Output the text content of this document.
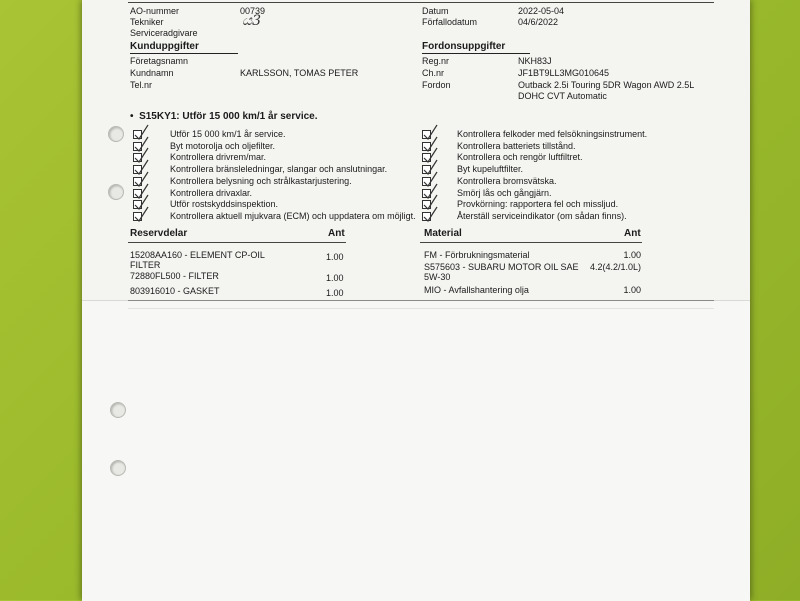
AO-nummer	00739
Tekniker	ය3
Serviceradgivare
Datum	2022-05-04
Förfallodatum	04/6/2022
Kunduppgifter
Företagsnamn
Kundnamn	KARLSSON, TOMAS PETER
Tel.nr
Fordonsuppgifter
Reg.nr	NKH83J
Ch.nr	JF1BT9LL3MG010645
Fordon	Outback 2.5i Touring 5DR Wagon AWD 2.5L
DOHC CVT Automatic
•  S15KY1: Utför 15 000 km/1 år service.
Utför 15 000 km/1 år service.
Byt motorolja och oljefilter.
Kontrollera drivrem/mar.
Kontrollera bränsleledningar, slangar och anslutningar.
Kontrollera belysning och strålkastarjustering.
Kontrollera drivaxlar.
Utför rostskyddsinspektion.
Kontrollera aktuell mjukvara (ECM) och uppdatera om möjligt.
Kontrollera felkoder med felsökningsinstrument.
Kontrollera batteriets tillstånd.
Kontrollera och rengör luftfiltret.
Byt kupeluftfilter.
Kontrollera bromsvätska.
Smörj lås och gångjärn.
Provkörning: rapportera fel och missljud.
Återställ serviceindikator (om sådan finns).
Reservdelar	Ant	Material	Ant
15208AA160 - ELEMENT CP-OIL
FILTER
1.00
72880FL500 - FILTER	1.00
803916010 - GASKET	1.00
FM - Förbrukningsmaterial	1.00
S575603 - SUBARU MOTOR OIL SAE
5W-30
4.2(4.2/1.0L)
MIO - Avfallshantering olja	1.00
